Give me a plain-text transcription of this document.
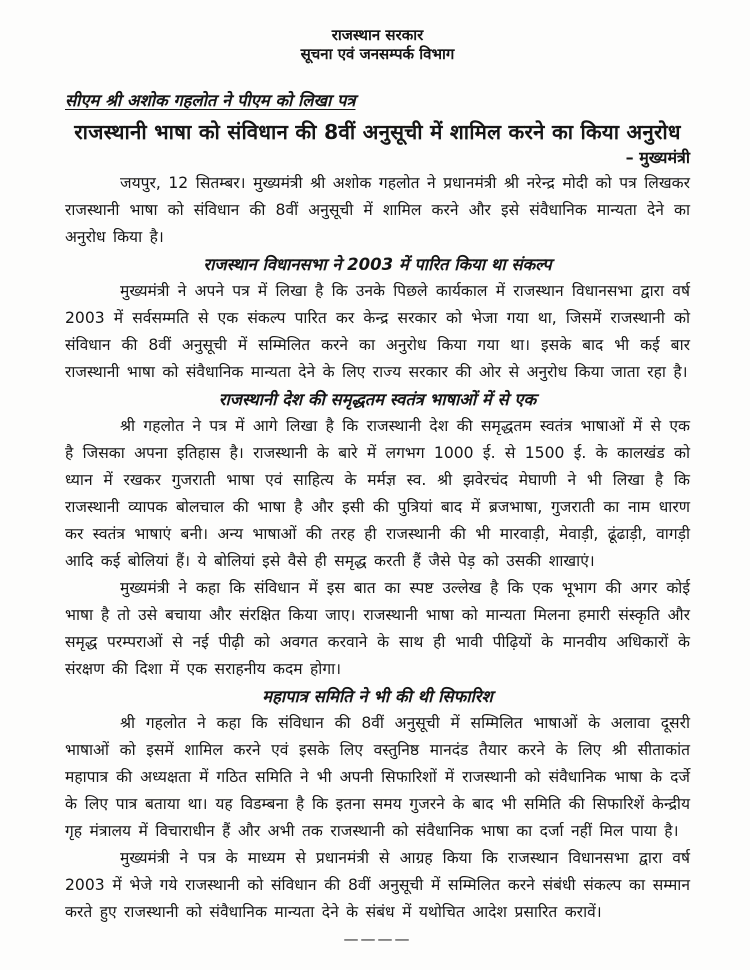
राजस्थान सरकार
सूचना एवं जनसम्पर्क विभाग
सीएम श्री अशोक गहलोत ने पीएम को लिखा पत्र
राजस्थानी भाषा को संविधान की 8वीं अनुसूची में शामिल करने का किया अनुरोध
– मुख्यमंत्री

जयपुर, 12 सितम्बर। मुख्यमंत्री श्री अशोक गहलोत ने प्रधानमंत्री श्री नरेन्द्र मोदी को पत्र लिखकर राजस्थानी भाषा को संविधान की 8वीं अनुसूची में शामिल करने और इसे संवैधानिक मान्यता देने का अनुरोध किया है।

राजस्थान विधानसभा ने 2003 में पारित किया था संकल्प

मुख्यमंत्री ने अपने पत्र में लिखा है कि उनके पिछले कार्यकाल में राजस्थान विधानसभा द्वारा वर्ष 2003 में सर्वसम्मति से एक संकल्प पारित कर केन्द्र सरकार को भेजा गया था, जिसमें राजस्थानी को संविधान की 8वीं अनुसूची में सम्मिलित करने का अनुरोध किया गया था। इसके बाद भी कई बार राजस्थानी भाषा को संवैधानिक मान्यता देने के लिए राज्य सरकार की ओर से अनुरोध किया जाता रहा है।

राजस्थानी देश की समृद्धतम स्वतंत्र भाषाओं में से एक

श्री गहलोत ने पत्र में आगे लिखा है कि राजस्थानी देश की समृद्धतम स्वतंत्र भाषाओं में से एक है जिसका अपना इतिहास है। राजस्थानी के बारे में लगभग 1000 ई. से 1500 ई. के कालखंड को ध्यान में रखकर गुजराती भाषा एवं साहित्य के मर्मज्ञ स्व. श्री झवेरचंद मेघाणी ने भी लिखा है कि राजस्थानी व्यापक बोलचाल की भाषा है और इसी की पुत्रियां बाद में ब्रजभाषा, गुजराती का नाम धारण कर स्वतंत्र भाषाएं बनी। अन्य भाषाओं की तरह ही राजस्थानी की भी मारवाड़ी, मेवाड़ी, ढूंढाड़ी, वागड़ी आदि कई बोलियां हैं। ये बोलियां इसे वैसे ही समृद्ध करती हैं जैसे पेड़ को उसकी शाखाएं।

मुख्यमंत्री ने कहा कि संविधान में इस बात का स्पष्ट उल्लेख है कि एक भूभाग की अगर कोई भाषा है तो उसे बचाया और संरक्षित किया जाए। राजस्थानी भाषा को मान्यता मिलना हमारी संस्कृति और समृद्ध परम्पराओं से नई पीढ़ी को अवगत करवाने के साथ ही भावी पीढ़ियों के मानवीय अधिकारों के संरक्षण की दिशा में एक सराहनीय कदम होगा।

महापात्र समिति ने भी की थी सिफारिश

श्री गहलोत ने कहा कि संविधान की 8वीं अनुसूची में सम्मिलित भाषाओं के अलावा दूसरी भाषाओं को इसमें शामिल करने एवं इसके लिए वस्तुनिष्ठ मानदंड तैयार करने के लिए श्री सीताकांत महापात्र की अध्यक्षता में गठित समिति ने भी अपनी सिफारिशों में राजस्थानी को संवैधानिक भाषा के दर्जे के लिए पात्र बताया था। यह विडम्बना है कि इतना समय गुजरने के बाद भी समिति की सिफारिशें केन्द्रीय गृह मंत्रालय में विचाराधीन हैं और अभी तक राजस्थानी को संवैधानिक भाषा का दर्जा नहीं मिल पाया है।

मुख्यमंत्री ने पत्र के माध्यम से प्रधानमंत्री से आग्रह किया कि राजस्थान विधानसभा द्वारा वर्ष 2003 में भेजे गये राजस्थानी को संविधान की 8वीं अनुसूची में सम्मिलित करने संबंधी संकल्प का सम्मान करते हुए राजस्थानी को संवैधानिक मान्यता देने के संबंध में यथोचित आदेश प्रसारित करावें।

————
